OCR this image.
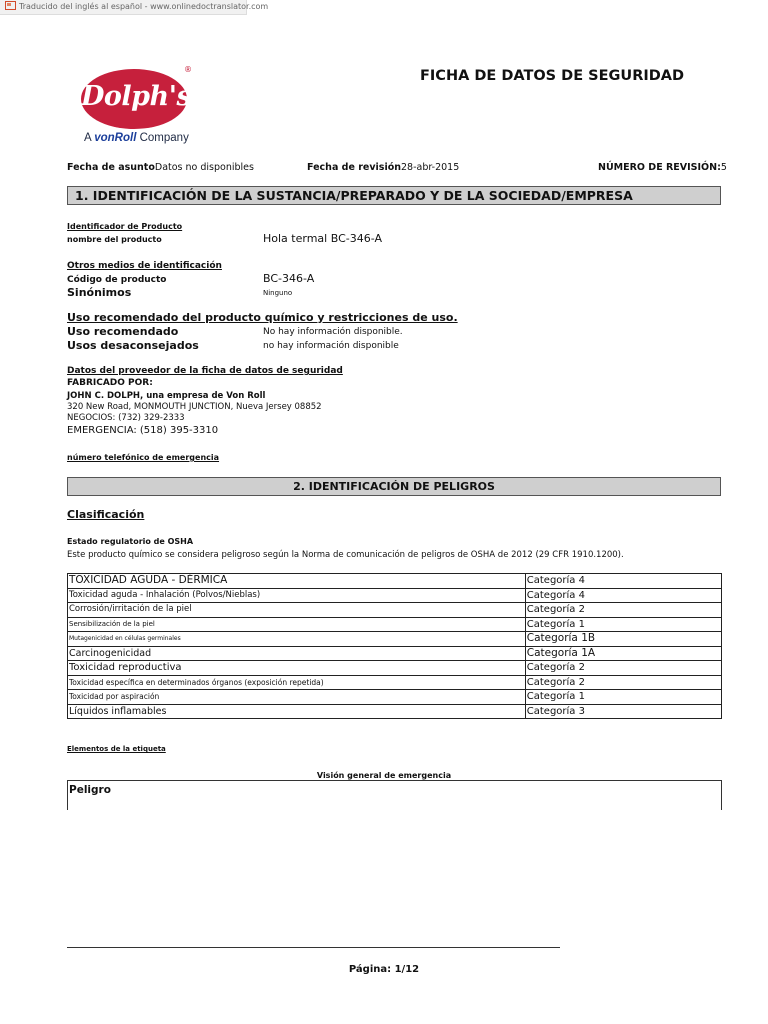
Traducido del inglés al español - www.onlinedoctranslator.com
Dolph's
®
A vonRoll Company
FICHA DE DATOS DE SEGURIDAD
Fecha de asuntoDatos no disponibles	Fecha de revisión28-abr-2015	NÚMERO DE REVISIÓN:5
1. IDENTIFICACIÓN DE LA SUSTANCIA/PREPARADO Y DE LA SOCIEDAD/EMPRESA
Identificador de Producto
nombre del producto	Hola termal BC-346-A
Otros medios de identificación
Código de producto	BC-346-A
Sinónimos	Ninguno
Uso recomendado del producto químico y restricciones de uso.
Uso recomendado	No hay información disponible.
Usos desaconsejados	no hay información disponible
Datos del proveedor de la ficha de datos de seguridad
FABRICADO POR:
JOHN C. DOLPH, una empresa de Von Roll
320 New Road, MONMOUTH JUNCTION, Nueva Jersey 08852
NEGOCIOS: (732) 329-2333
EMERGENCIA: (518) 395-3310
número telefónico de emergencia
2. IDENTIFICACIÓN DE PELIGROS
Clasificación
Estado regulatorio de OSHA
Este producto químico se considera peligroso según la Norma de comunicación de peligros de OSHA de 2012 (29 CFR 1910.1200).
TOXICIDAD AGUDA - DÉRMICA	Categoría 4
Toxicidad aguda - Inhalación (Polvos/Nieblas)	Categoría 4
Corrosión/irritación de la piel	Categoría 2
Sensibilización de la piel	Categoría 1
Mutagenicidad en células germinales	Categoría 1B
Carcinogenicidad	Categoría 1A
Toxicidad reproductiva	Categoría 2
Toxicidad específica en determinados órganos (exposición repetida)	Categoría 2
Toxicidad por aspiración	Categoría 1
Líquidos inflamables	Categoría 3
Elementos de la etiqueta
Visión general de emergencia
Peligro
Página: 1/12
